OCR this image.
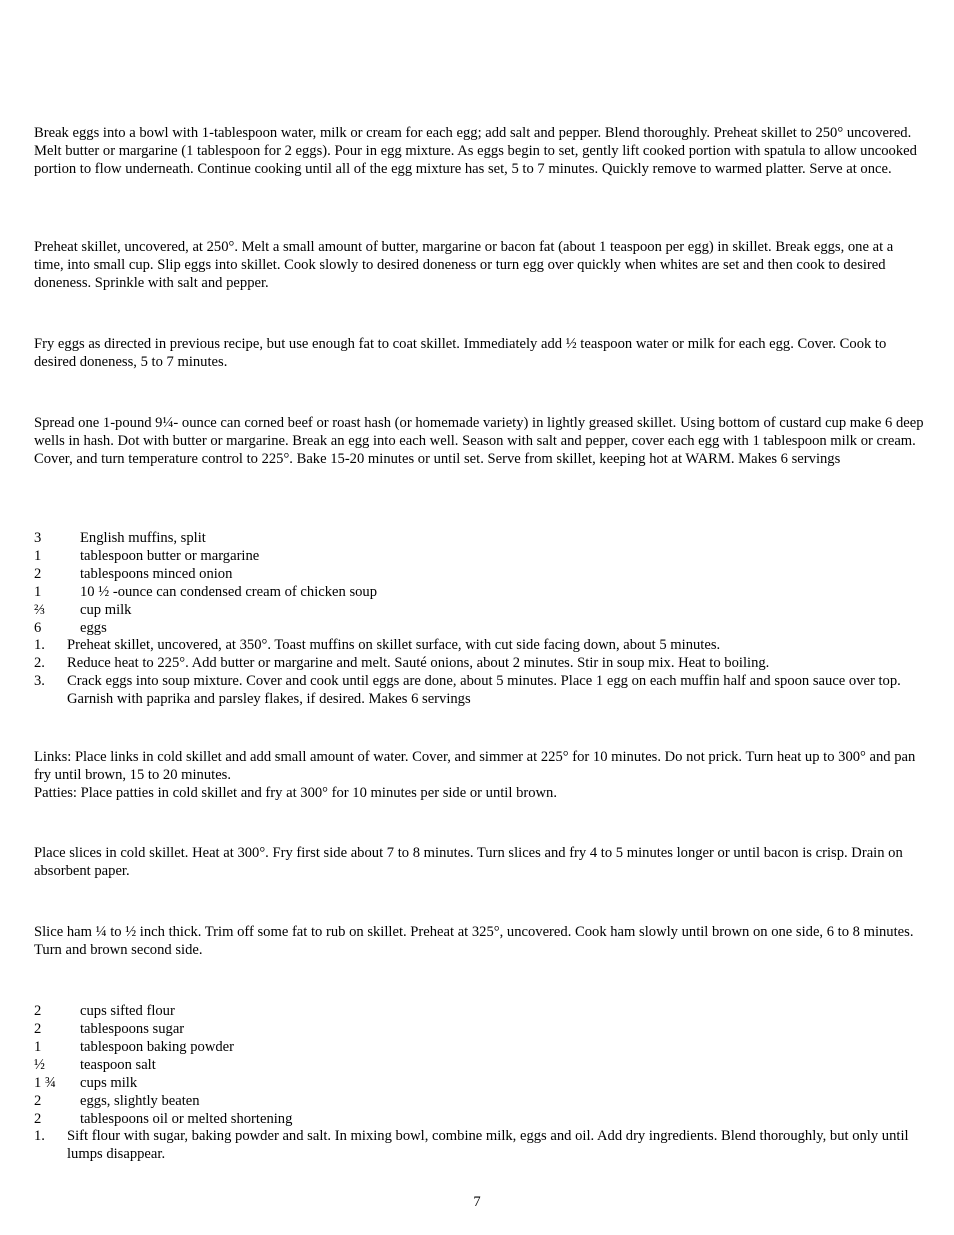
Break eggs into a bowl with 1-tablespoon water, milk or cream for each egg; add salt and pepper. Blend thoroughly. Preheat skillet to 250° uncovered. Melt butter or margarine (1 tablespoon for 2 eggs). Pour in egg mixture. As eggs begin to set, gently lift cooked portion with spatula to allow uncooked portion to flow underneath. Continue cooking until all of the egg mixture has set, 5 to 7 minutes. Quickly remove to warmed platter. Serve at once.

Preheat skillet, uncovered, at 250°. Melt a small amount of butter, margarine or bacon fat (about 1 teaspoon per egg) in skillet. Break eggs, one at a time, into small cup. Slip eggs into skillet. Cook slowly to desired doneness or turn egg over quickly when whites are set and then cook to desired doneness. Sprinkle with salt and pepper.

Fry eggs as directed in previous recipe, but use enough fat to coat skillet. Immediately add ½ teaspoon water or milk for each egg. Cover. Cook to desired doneness, 5 to 7 minutes.

Spread one 1-pound 9¼- ounce can corned beef or roast hash (or homemade variety) in lightly greased skillet. Using bottom of custard cup make 6 deep wells in hash. Dot with butter or margarine. Break an egg into each well. Season with salt and pepper, cover each egg with 1 tablespoon milk or cream. Cover, and turn temperature control to 225°. Bake 15-20 minutes or until set. Serve from skillet, keeping hot at WARM. Makes 6 servings

3	English muffins, split
1	tablespoon butter or margarine
2	tablespoons minced onion
1	10 ½ -ounce can condensed cream of chicken soup
⅔ cup milk
6	eggs
1. Preheat skillet, uncovered, at 350°. Toast muffins on skillet surface, with cut side facing down, about 5 minutes.
2. Reduce heat to 225°. Add butter or margarine and melt. Sauté onions, about 2 minutes. Stir in soup mix. Heat to boiling.
3. Crack eggs into soup mixture. Cover and cook until eggs are done, about 5 minutes. Place 1 egg on each muffin half and spoon sauce over top. Garnish with paprika and parsley flakes, if desired. Makes 6 servings
Links: Place links in cold skillet and add small amount of water. Cover, and simmer at 225° for 10 minutes. Do not prick. Turn heat up to 300° and pan fry until brown, 15 to 20 minutes.
Patties: Place patties in cold skillet and fry at 300° for 10 minutes per side or until brown.

Place slices in cold skillet. Heat at 300°. Fry first side about 7 to 8 minutes. Turn slices and fry 4 to 5 minutes longer or until bacon is crisp. Drain on absorbent paper.

Slice ham ¼ to ½ inch thick. Trim off some fat to rub on skillet. Preheat at 325°, uncovered. Cook ham slowly until brown on one side, 6 to 8 minutes. Turn and brown second side.

2	cups sifted flour
2	tablespoons sugar
1	tablespoon baking powder
½ teaspoon salt
1 ¾ cups milk
2	eggs, slightly beaten
2	tablespoons oil or melted shortening
1. Sift flour with sugar, baking powder and salt. In mixing bowl, combine milk, eggs and oil. Add dry ingredients. Blend thoroughly, but only until lumps disappear.
7
